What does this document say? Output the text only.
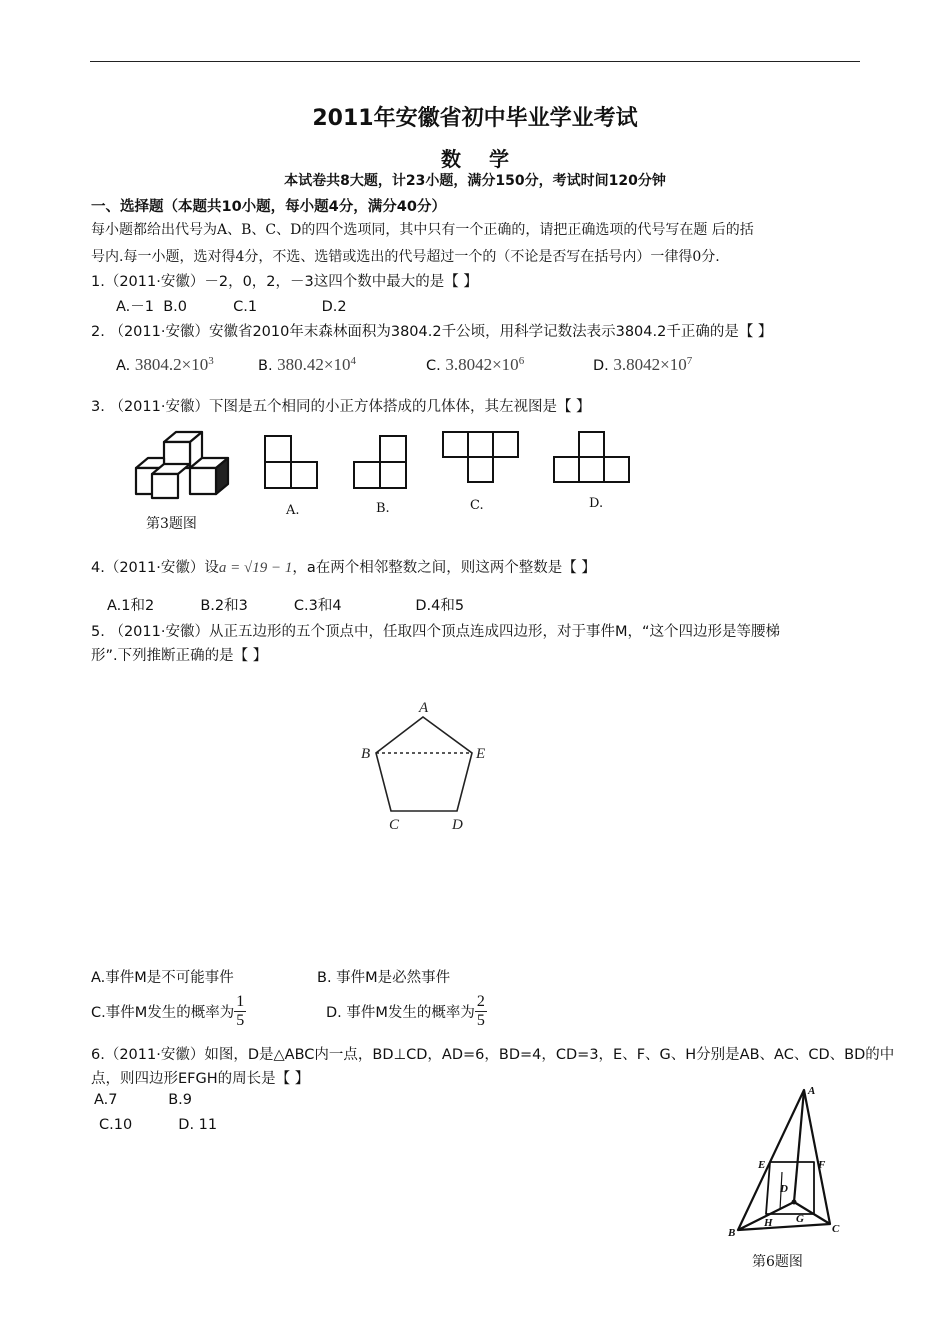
2011年安徽省初中毕业学业考试
数学
本试卷共8大题，计23小题，满分150分，考试时间120分钟
一、选择题（本题共10小题，每小题4分，满分40分）
每小题都给出代号为A、B、C、D的四个选项同，其中只有一个正确的，请把正确选项的代号写在题 后的括
号内.每一小题，选对得4分，不选、选错或选出的代号超过一个的（不论是否写在括号内）一律得0分.
1.（2011·安徽）－2，0，2，－3这四个数中最大的是【 】
A.－1  B.0          C.1              D.2
2. （2011·安徽）安徽省2010年末森林面积为3804.2千公顷，用科学记数法表示3804.2千正确的是【 】
A. $3804.2\times 10^3$	B. $380.42\times 10^4$	C. $3.8042\times 10^6$	D. $3.8042\times 10^7$
3. （2011·安徽）下图是五个相同的小正方体搭成的几体体，其左视图是【 】
第3题图
A.	B.	C.	D.
4.（2011·安徽）设a = √19 − 1，a在两个相邻整数之间，则这两个整数是【 】
A.1和2          B.2和3          C.3和4                D.4和5
5. （2011·安徽）从正五边形的五个顶点中，任取四个顶点连成四边形，对于事件M，“这个四边形是等腰梯
形”.下列推断正确的是【 】
A
B
C	D
E
A.事件M是不可能事件	B. 事件M是必然事件
C.事件M发生的概率为 $\frac{1}{5}$	D. 事件M发生的概率为 $\frac{2}{5}$
6.（2011·安徽）如图，D是△ABC内一点，BD⊥CD，AD=6，BD=4，CD=3，E、F、G、H分别是AB、AC、CD、BD的中
点，则四边形EFGH的周长是【 】
A.7           B.9
C.10          D. 11
A
E	F
D
H G
B	C
第6题图
